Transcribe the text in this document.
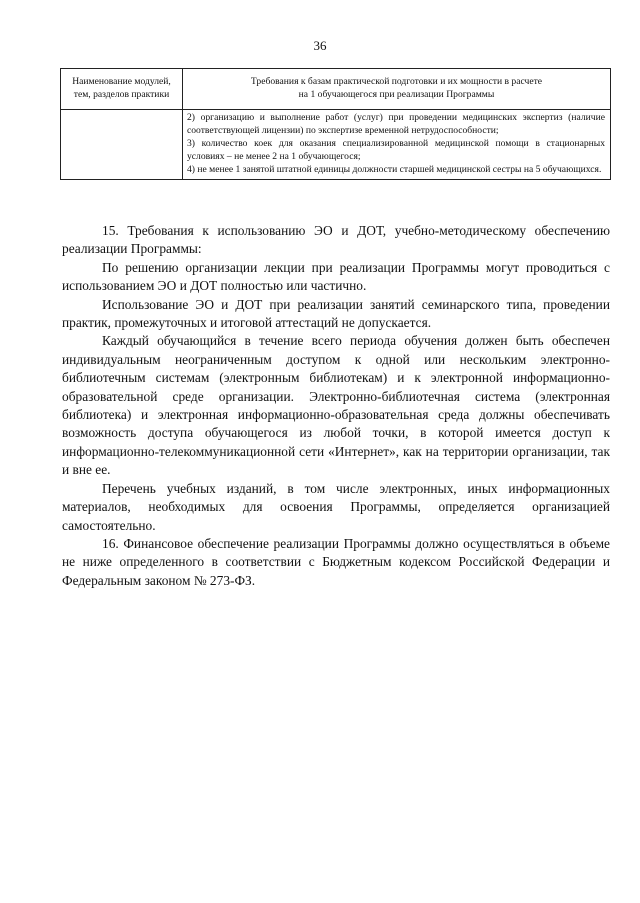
36
Наименование модулей, тем, разделов практики	Требования к базам практической подготовки и их мощности в расчете
на 1 обучающегося при реализации Программы

	2) организацию и выполнение работ (услуг) при проведении медицинских экспертиз (наличие соответствующей лицензии) по экспертизе временной нетрудоспособности;

3) количество коек для оказания специализированной медицинской помощи в стационарных условиях – не менее 2 на 1 обучающегося;

4) не менее 1 занятой штатной единицы должности старшей медицинской сестры на 5 обучающихся.

15. Требования к использованию ЭО и ДОТ, учебно-методическому обеспечению реализации Программы:

По решению организации лекции при реализации Программы могут проводиться с использованием ЭО и ДОТ полностью или частично.

Использование ЭО и ДОТ при реализации занятий семинарского типа, проведении практик, промежуточных и итоговой аттестаций не допускается.

Каждый обучающийся в течение всего периода обучения должен быть обеспечен индивидуальным неограниченным доступом к одной или нескольким электронно-библиотечным системам (электронным библиотекам) и к электронной информационно-образовательной среде организации. Электронно-библиотечная система (электронная библиотека) и электронная информационно-образовательная среда должны обеспечивать возможность доступа обучающегося из любой точки, в которой имеется доступ к информационно-телекоммуникационной сети «Интернет», как на территории организации, так и вне ее.

Перечень учебных изданий, в том числе электронных, иных информационных материалов, необходимых для освоения Программы, определяется организацией самостоятельно.

16. Финансовое обеспечение реализации Программы должно осуществляться в объеме не ниже определенного в соответствии с Бюджетным кодексом Российской Федерации и Федеральным законом № 273-ФЗ.
